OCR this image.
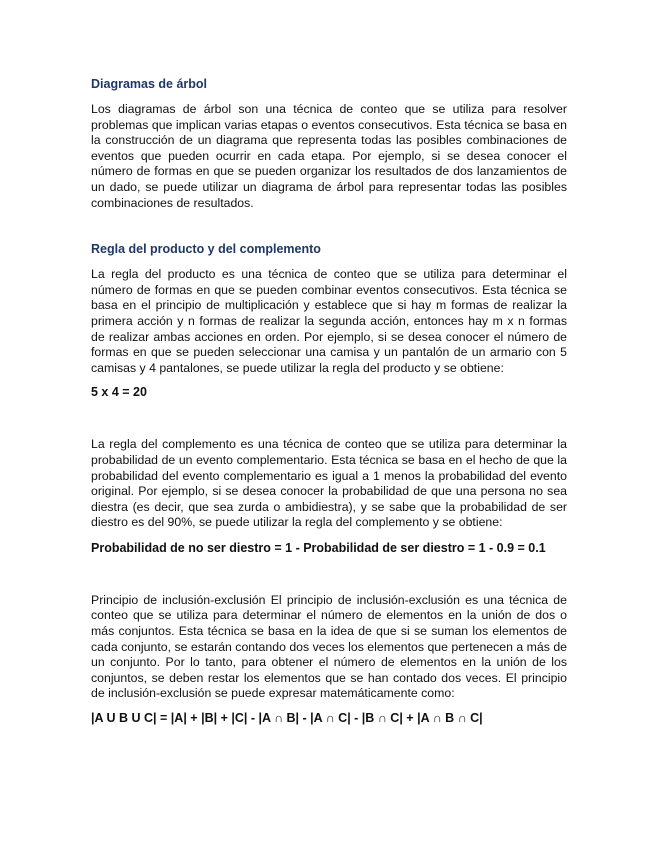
Diagramas de árbol

Los diagramas de árbol son una técnica de conteo que se utiliza para resolver problemas que implican varias etapas o eventos consecutivos. Esta técnica se basa en la construcción de un diagrama que representa todas las posibles combinaciones de eventos que pueden ocurrir en cada etapa. Por ejemplo, si se desea conocer el número de formas en que se pueden organizar los resultados de dos lanzamientos de un dado, se puede utilizar un diagrama de árbol para representar todas las posibles combinaciones de resultados.

Regla del producto y del complemento

La regla del producto es una técnica de conteo que se utiliza para determinar el número de formas en que se pueden combinar eventos consecutivos. Esta técnica se basa en el principio de multiplicación y establece que si hay m formas de realizar la primera acción y n formas de realizar la segunda acción, entonces hay m x n formas de realizar ambas acciones en orden. Por ejemplo, si se desea conocer el número de formas en que se pueden seleccionar una camisa y un pantalón de un armario con 5 camisas y 4 pantalones, se puede utilizar la regla del producto y se obtiene:

5 x 4 = 20

La regla del complemento es una técnica de conteo que se utiliza para determinar la probabilidad de un evento complementario. Esta técnica se basa en el hecho de que la probabilidad del evento complementario es igual a 1 menos la probabilidad del evento original. Por ejemplo, si se desea conocer la probabilidad de que una persona no sea diestra (es decir, que sea zurda o ambidiestra), y se sabe que la probabilidad de ser diestro es del 90%, se puede utilizar la regla del complemento y se obtiene:

Probabilidad de no ser diestro = 1 - Probabilidad de ser diestro = 1 - 0.9 = 0.1

Principio de inclusión-exclusión El principio de inclusión-exclusión es una técnica de conteo que se utiliza para determinar el número de elementos en la unión de dos o más conjuntos. Esta técnica se basa en la idea de que si se suman los elementos de cada conjunto, se estarán contando dos veces los elementos que pertenecen a más de un conjunto. Por lo tanto, para obtener el número de elementos en la unión de los conjuntos, se deben restar los elementos que se han contado dos veces. El principio de inclusión-exclusión se puede expresar matemáticamente como:

|A U B U C| = |A| + |B| + |C| - |A ∩ B| - |A ∩ C| - |B ∩ C| + |A ∩ B ∩ C|
